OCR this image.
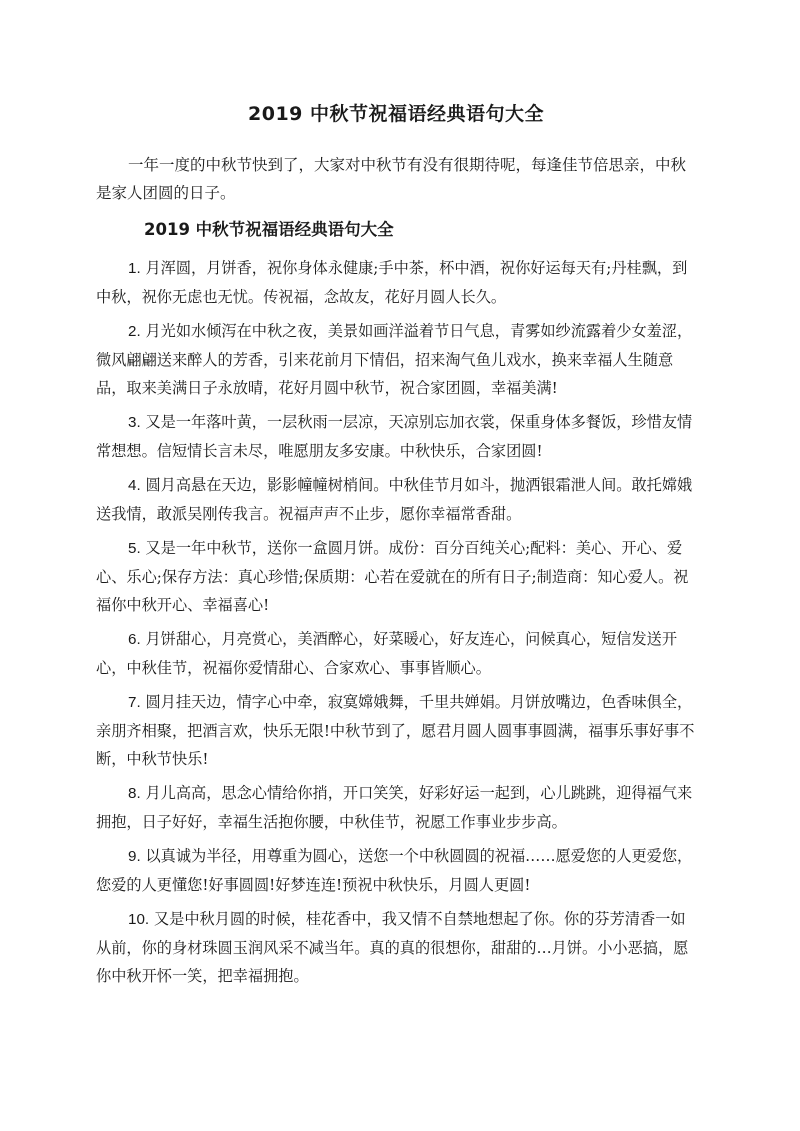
2019 中秋节祝福语经典语句大全

一年一度的中秋节快到了，大家对中秋节有没有很期待呢，每逢佳节倍思亲，中秋是家人团圆的日子。

2019 中秋节祝福语经典语句大全

1. 月浑圆，月饼香，祝你身体永健康;手中茶，杯中酒，祝你好运每天有;丹桂飘，到中秋，祝你无虑也无忧。传祝福，念故友，花好月圆人长久。

2. 月光如水倾泻在中秋之夜，美景如画洋溢着节日气息，青雾如纱流露着少女羞涩，微风翩翩送来醉人的芳香，引来花前月下情侣，招来淘气鱼儿戏水，换来幸福人生随意品，取来美满日子永放晴，花好月圆中秋节，祝合家团圆，幸福美满!

3. 又是一年落叶黄，一层秋雨一层凉，天凉别忘加衣裳，保重身体多餐饭，珍惜友情常想想。信短情长言未尽，唯愿朋友多安康。中秋快乐，合家团圆!

4. 圆月高悬在天边，影影幢幢树梢间。中秋佳节月如斗，抛洒银霜泄人间。敢托嫦娥送我情，敢派吴刚传我言。祝福声声不止步，愿你幸福常香甜。

5. 又是一年中秋节，送你一盒圆月饼。成份：百分百纯关心;配料：美心、开心、爱心、乐心;保存方法：真心珍惜;保质期：心若在爱就在的所有日子;制造商：知心爱人。祝福你中秋开心、幸福喜心!

6. 月饼甜心，月亮赏心，美酒醉心，好菜暖心，好友连心，问候真心，短信发送开心，中秋佳节，祝福你爱情甜心、合家欢心、事事皆顺心。

7. 圆月挂天边，情字心中牵，寂寞嫦娥舞，千里共婵娟。月饼放嘴边，色香味俱全，亲朋齐相聚，把酒言欢，快乐无限!中秋节到了，愿君月圆人圆事事圆满，福事乐事好事不断，中秋节快乐!

8. 月儿高高，思念心情给你捎，开口笑笑，好彩好运一起到，心儿跳跳，迎得福气来拥抱，日子好好，幸福生活抱你腰，中秋佳节，祝愿工作事业步步高。

9. 以真诚为半径，用尊重为圆心，送您一个中秋圆圆的祝福……愿爱您的人更爱您，您爱的人更懂您!好事圆圆!好梦连连!预祝中秋快乐，月圆人更圆!

10. 又是中秋月圆的时候，桂花香中，我又情不自禁地想起了你。你的芬芳清香一如从前，你的身材珠圆玉润风采不减当年。真的真的很想你，甜甜的…月饼。小小恶搞，愿你中秋开怀一笑，把幸福拥抱。
